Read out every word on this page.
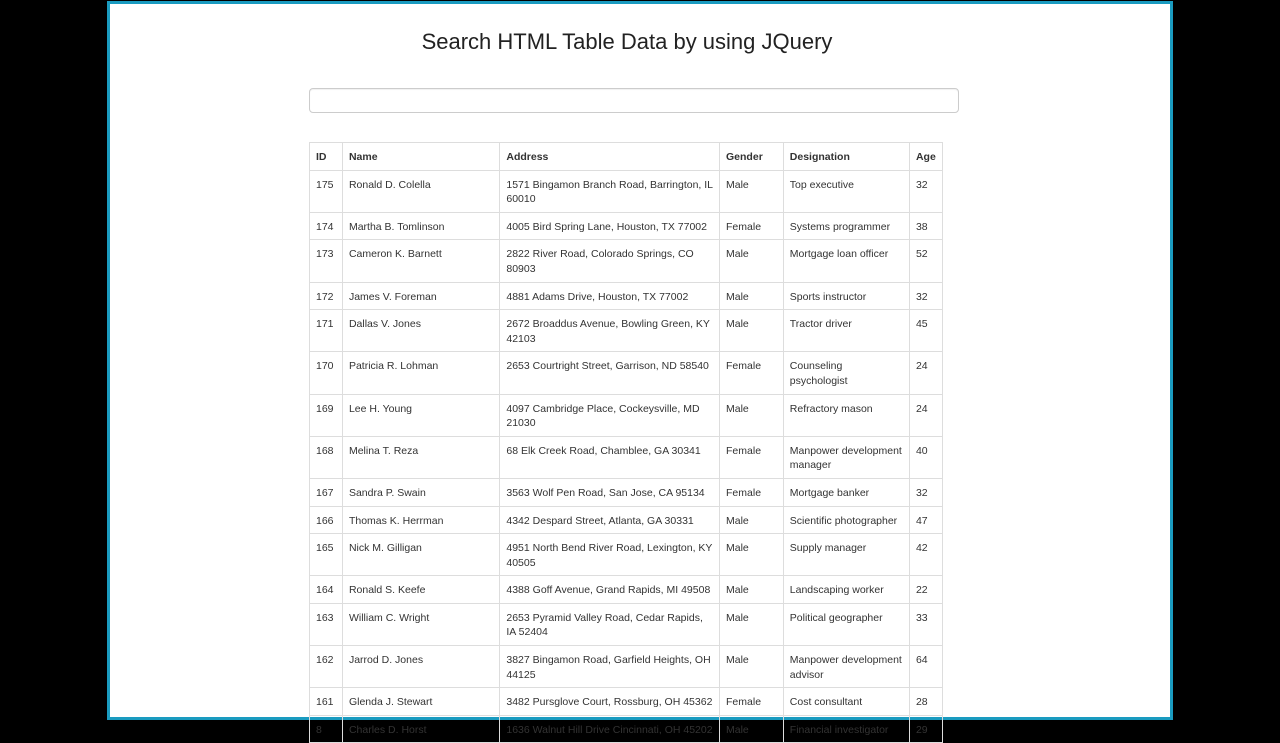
Search HTML Table Data by using JQuery
ID	Name	Address	Gender	Designation	Age
175	Ronald D. Colella	1571 Bingamon Branch Road, Barrington, IL 60010	Male	Top executive	32
174	Martha B. Tomlinson	4005 Bird Spring Lane, Houston, TX 77002	Female	Systems programmer	38
173	Cameron K. Barnett	2822 River Road, Colorado Springs, CO 80903	Male	Mortgage loan officer	52
172	James V. Foreman	4881 Adams Drive, Houston, TX 77002	Male	Sports instructor	32
171	Dallas V. Jones	2672 Broaddus Avenue, Bowling Green, KY 42103	Male	Tractor driver	45
170	Patricia R. Lohman	2653 Courtright Street, Garrison, ND 58540	Female	Counseling psychologist	24
169	Lee H. Young	4097 Cambridge Place, Cockeysville, MD 21030	Male	Refractory mason	24
168	Melina T. Reza	68 Elk Creek Road, Chamblee, GA 30341	Female	Manpower development manager	40
167	Sandra P. Swain	3563 Wolf Pen Road, San Jose, CA 95134	Female	Mortgage banker	32
166	Thomas K. Herrman	4342 Despard Street, Atlanta, GA 30331	Male	Scientific photographer	47
165	Nick M. Gilligan	4951 North Bend River Road, Lexington, KY 40505	Male	Supply manager	42
164	Ronald S. Keefe	4388 Goff Avenue, Grand Rapids, MI 49508	Male	Landscaping worker	22
163	William C. Wright	2653 Pyramid Valley Road, Cedar Rapids, IA 52404	Male	Political geographer	33
162	Jarrod D. Jones	3827 Bingamon Road, Garfield Heights, OH 44125	Male	Manpower development advisor	64
161	Glenda J. Stewart	3482 Pursglove Court, Rossburg, OH 45362	Female	Cost consultant	28
8	Charles D. Horst	1636 Walnut Hill Drive Cincinnati, OH 45202	Male	Financial investigator	29
